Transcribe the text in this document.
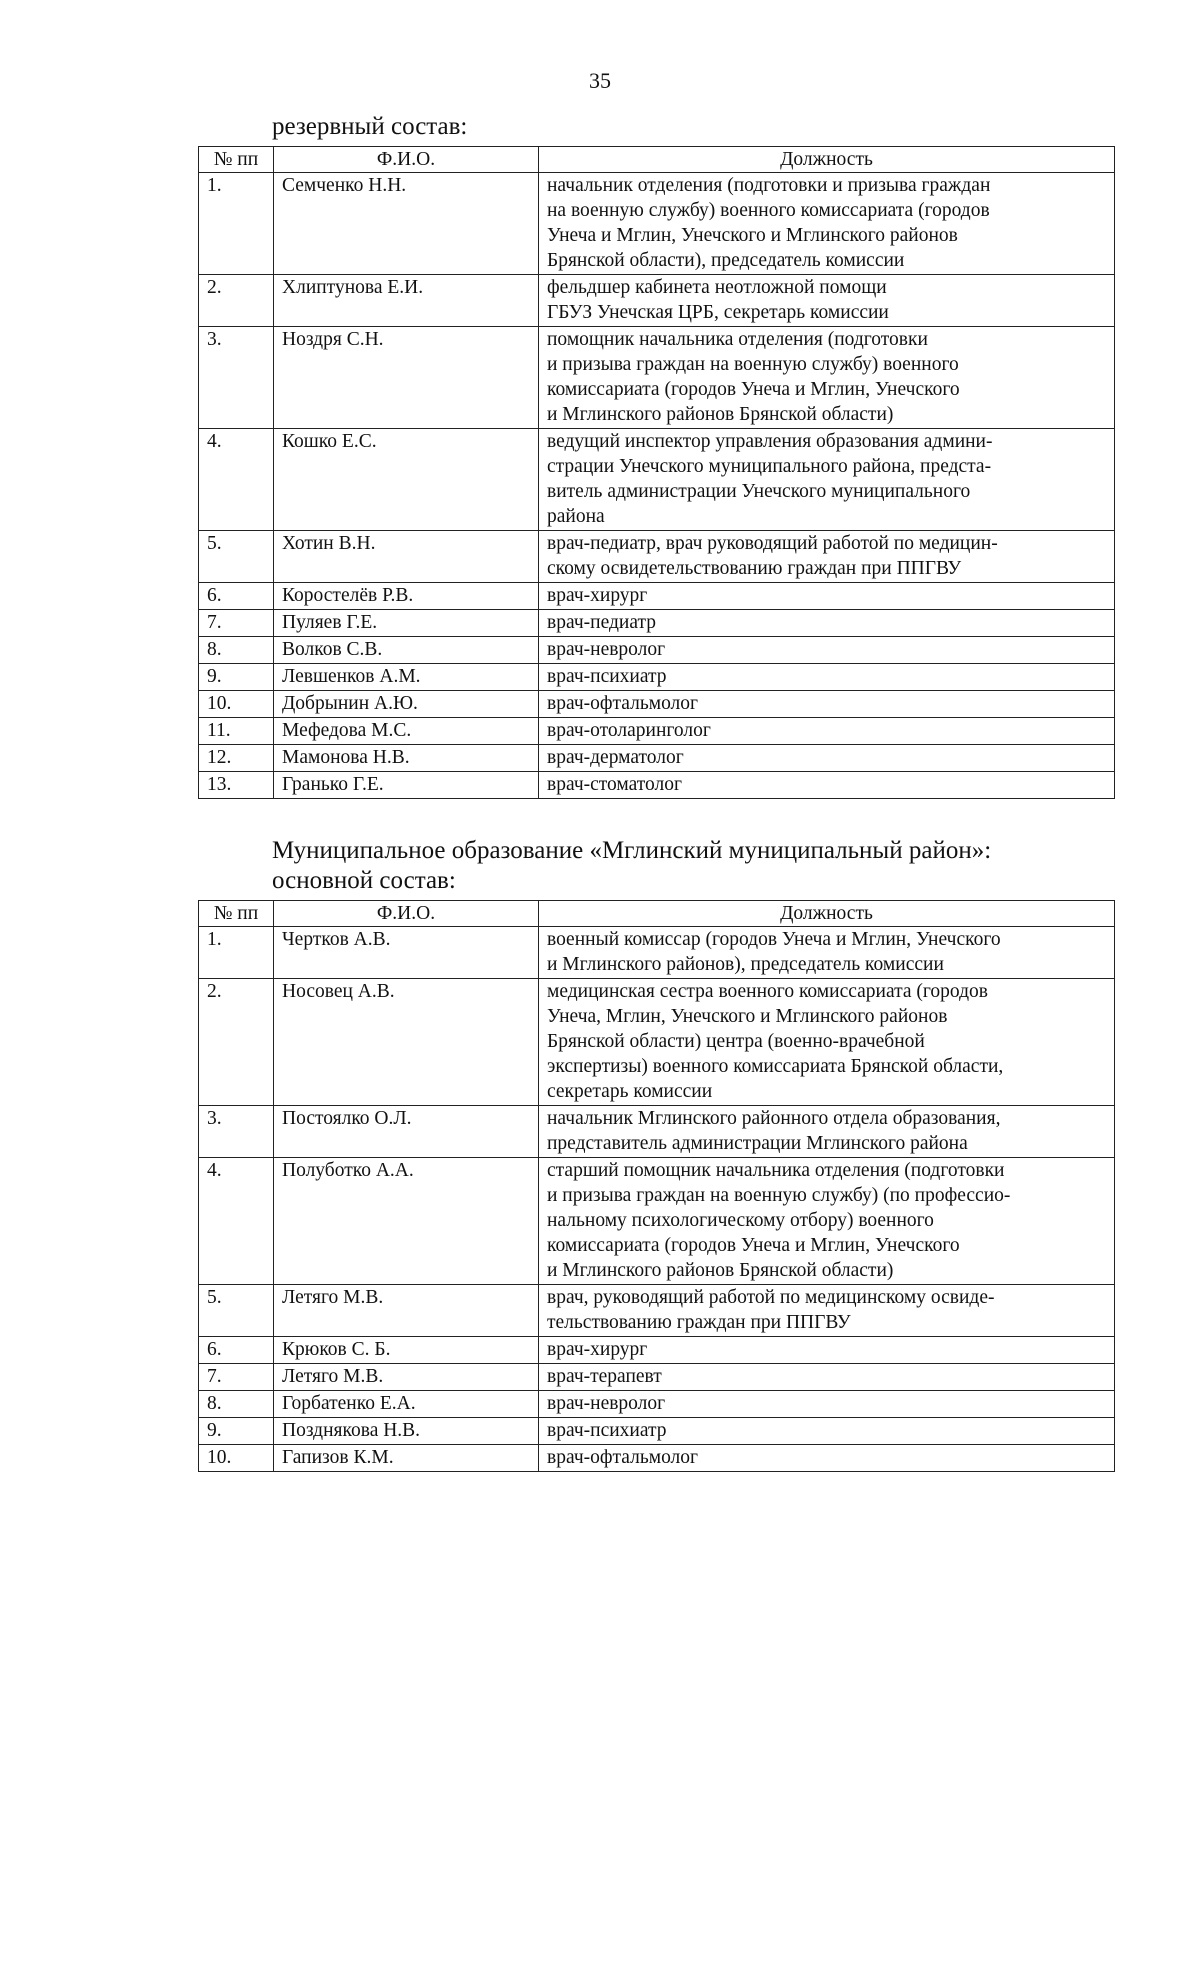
35
резервный состав:
№ пп	Ф.И.О.	Должность
1.	Семченко Н.Н.	начальник отделения (подготовки и призыва граждан
на военную службу) военного комиссариата (городов
Унеча и Мглин, Унечского и Мглинского районов
Брянской области), председатель комиссии

2.	Хлиптунова Е.И.	фельдшер кабинета неотложной помощи
ГБУЗ Унечская ЦРБ, секретарь комиссии

3.	Ноздря С.Н.	помощник начальника отделения (подготовки
и призыва граждан на военную службу) военного
комиссариата (городов Унеча и Мглин, Унечского
и Мглинского районов Брянской области)

4.	Кошко Е.С.	ведущий инспектор управления образования админи-
страции Унечского муниципального района, предста-
витель администрации Унечского муниципального
района

5.	Хотин В.Н.	врач-педиатр, врач руководящий работой по медицин-
скому освидетельствованию граждан при ППГВУ

6.	Коростелёв Р.В.	врач-хирург

7.	Пуляев Г.Е.	врач-педиатр

8.	Волков С.В.	врач-невролог

9.	Левшенков А.М.	врач-психиатр

10.	Добрынин А.Ю.	врач-офтальмолог

11.	Мефедова М.С.	врач-отоларинголог

12.	Мамонова Н.В.	врач-дерматолог

13.	Гранько Г.Е.	врач-стоматолог
Муниципальное образование «Мглинский муниципальный район»:
основной состав:
№ пп	Ф.И.О.	Должность
1.	Чертков А.В.	военный комиссар (городов Унеча и Мглин, Унечского
и Мглинского районов), председатель комиссии

2.	Носовец А.В.	медицинская сестра военного комиссариата (городов
Унеча, Мглин, Унечского и Мглинского районов
Брянской области) центра (военно-врачебной
экспертизы) военного комиссариата Брянской области,
секретарь комиссии

3.	Постоялко О.Л.	начальник Мглинского районного отдела образования,
представитель администрации Мглинского района

4.	Полуботко А.А.	старший помощник начальника отделения (подготовки
и призыва граждан на военную службу) (по профессио-
нальному психологическому отбору) военного
комиссариата (городов Унеча и Мглин, Унечского
и Мглинского районов Брянской области)

5.	Летяго М.В.	врач, руководящий работой по медицинскому освиде-
тельствованию граждан при ППГВУ

6.	Крюков С. Б.	врач-хирург

7.	Летяго М.В.	врач-терапевт

8.	Горбатенко Е.А.	врач-невролог

9.	Позднякова Н.В.	врач-психиатр

10.	Гапизов К.М.	врач-офтальмолог
